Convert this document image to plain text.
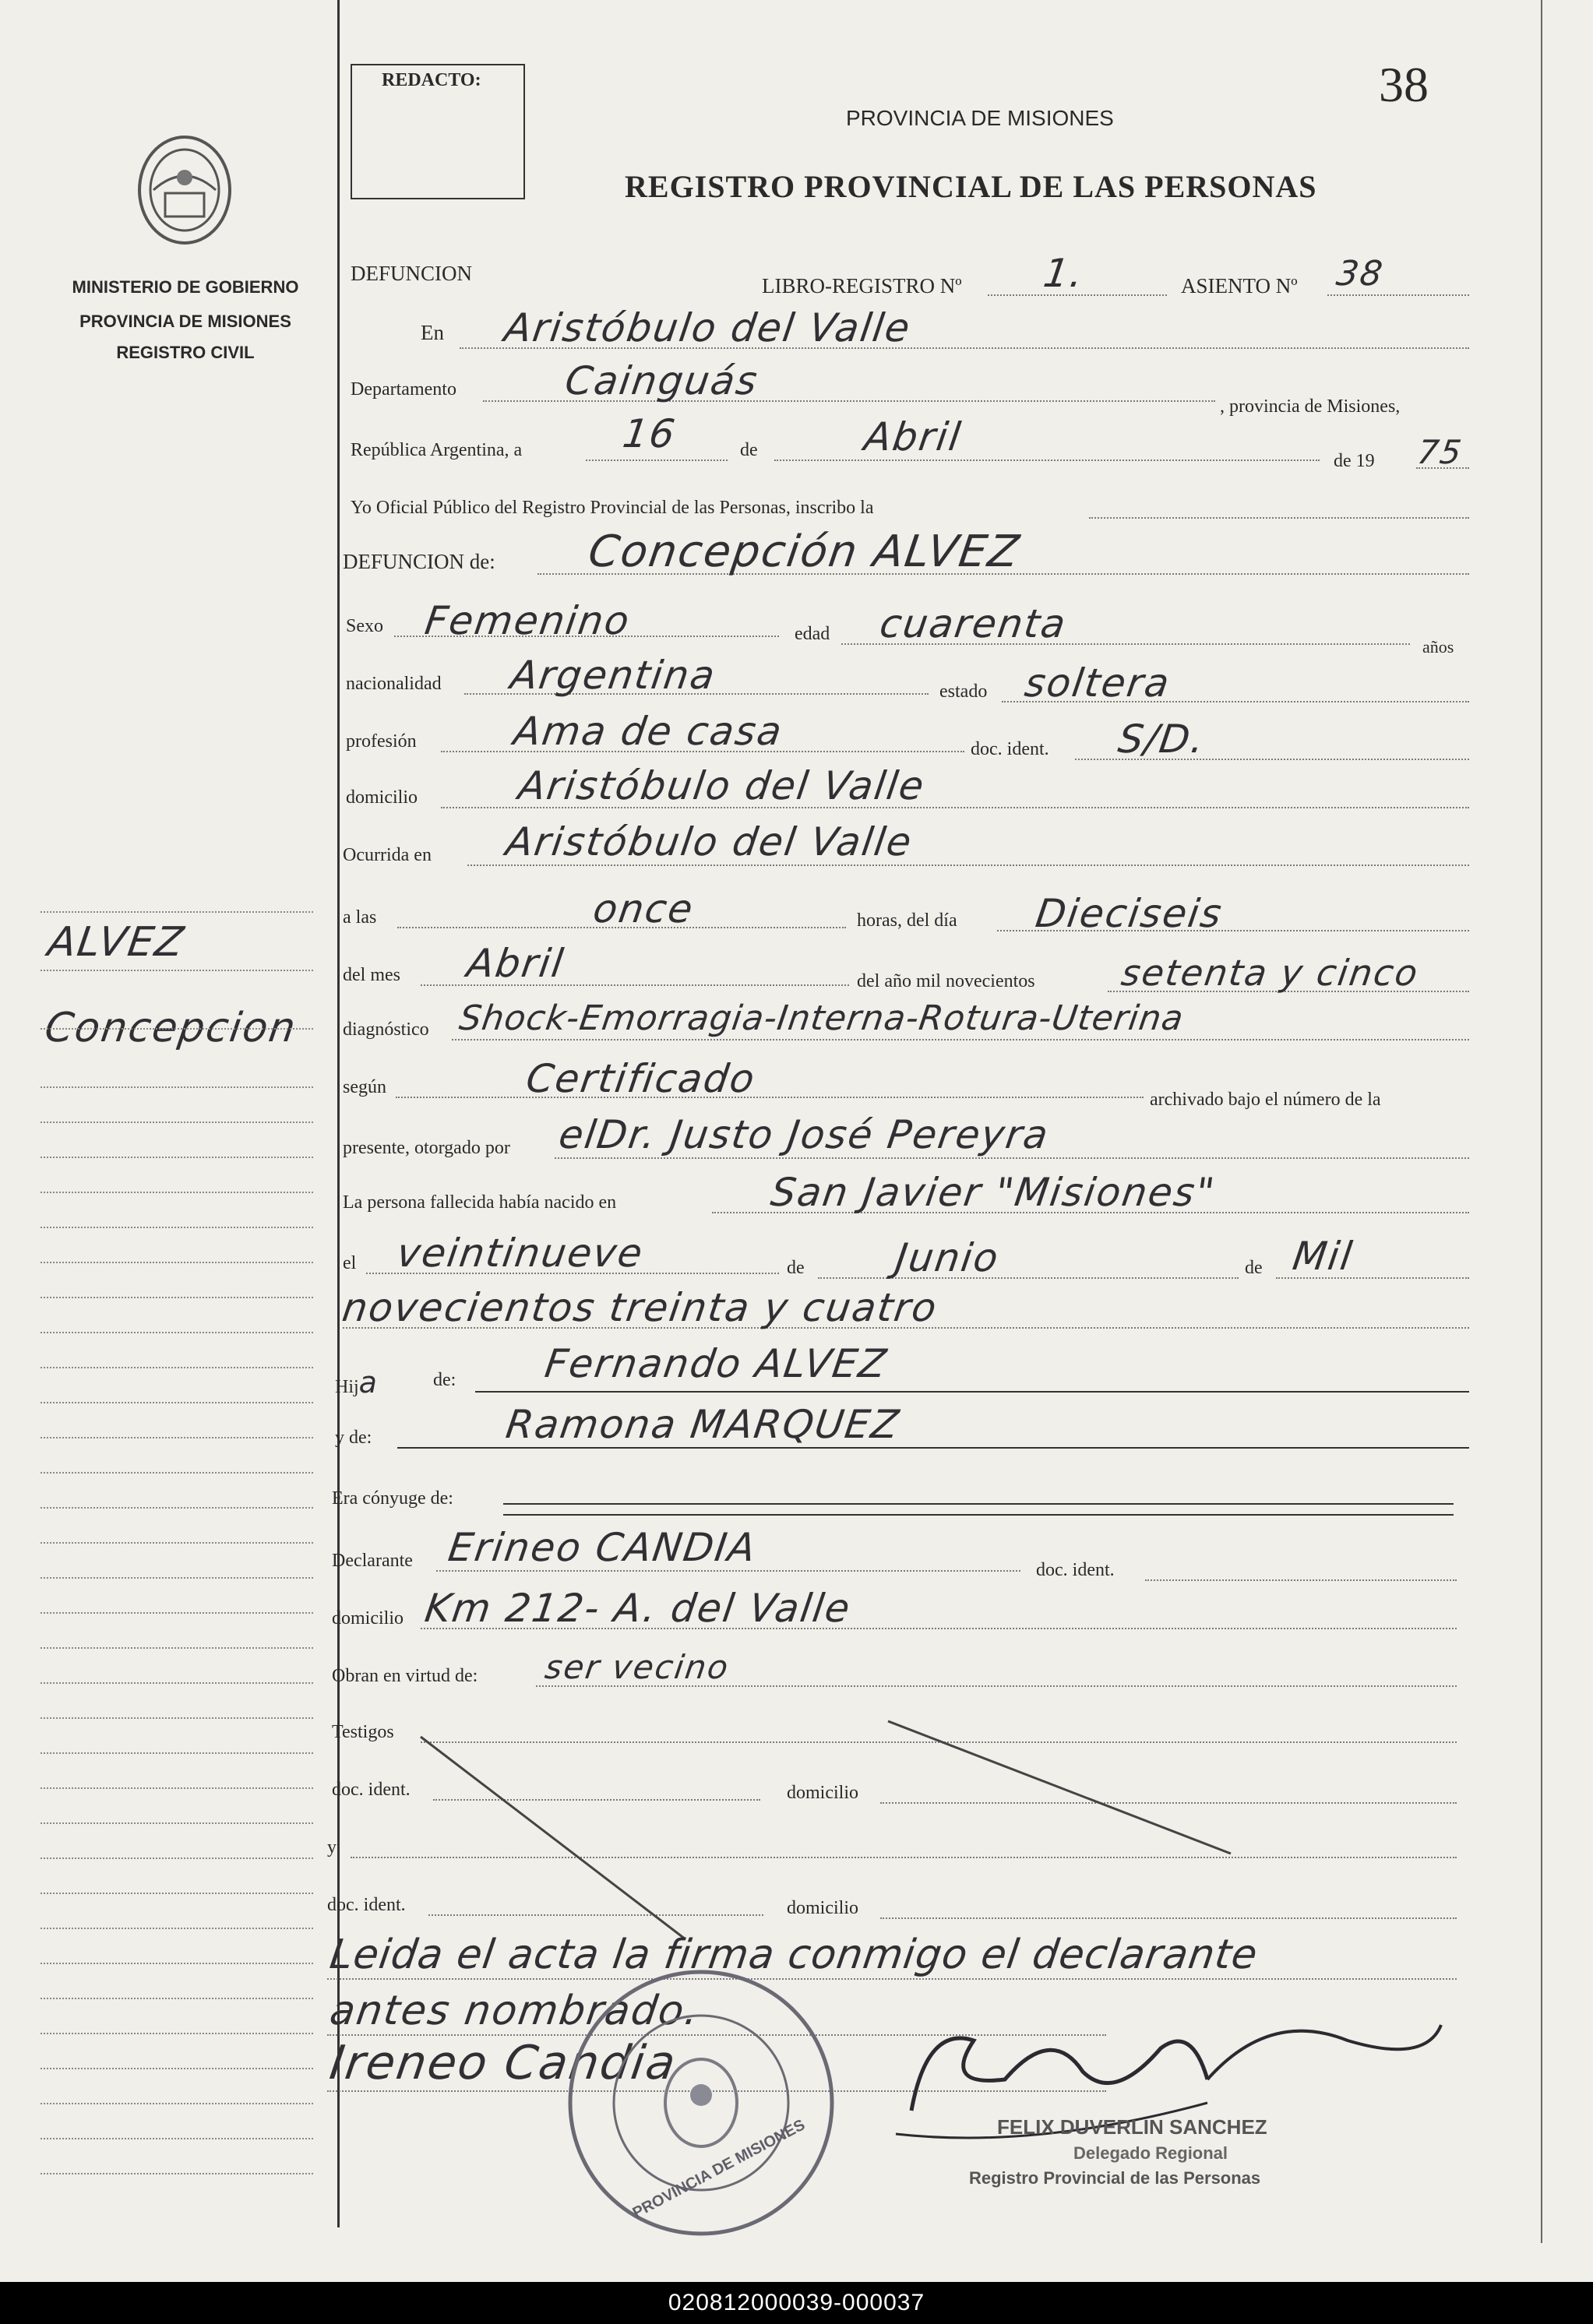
MINISTERIO DE GOBIERNO
PROVINCIA DE MISIONES
REGISTRO CIVIL
ALVEZ
Concepcion
REDACTO:	38
PROVINCIA DE MISIONES
REGISTRO PROVINCIAL DE LAS PERSONAS
DEFUNCION
LIBRO-REGISTRO Nº 1.	ASIENTO Nº 38
En Aristóbulo del Valle
Departamento	Cainguás
, provincia de Misiones,
República Argentina, a	16	de	Abril
de 19 75
Yo Oficial Público del Registro Provincial de las Personas, inscribo la
DEFUNCION de: Concepción ALVEZ
Sexo Femenino	edad cuarenta
años
nacionalidad Argentina	estado soltera
profesión Ama de casa	doc. ident. S/D.
domicilio	Aristóbulo del Valle
Ocurrida en Aristóbulo del Valle
a las	once	horas, del día Dieciseis
del mes Abril	del año mil novecientos setenta y cinco
diagnóstico Shock-Emorragia-Interna-Rotura-Uterina
según	Certificado	archivado bajo el número de la
presente, otorgado por elDr. Justo José Pereyra
La persona fallecida había nacido en	San Javier "Misiones"
el veintinueve	de Junio	de Mil
novecientos treinta y cuatro
Hija	de: Fernando ALVEZ
y de:	Ramona MARQUEZ
Era cónyuge de:
Declarante Erineo CANDIA	doc. ident.
domicilio Km 212- A. del Valle
Obran en virtud de: ser vecino
Testigos
doc. ident.	domicilio
y
doc. ident.	domicilio
Leida el acta la firma conmigo el declarante
antes nombrado.
Ireneo Candia
PROVINCIA DE MISIONES	FELIX DUVERLIN SANCHEZ
Delegado Regional
Registro Provincial de las Personas
020812000039-000037
